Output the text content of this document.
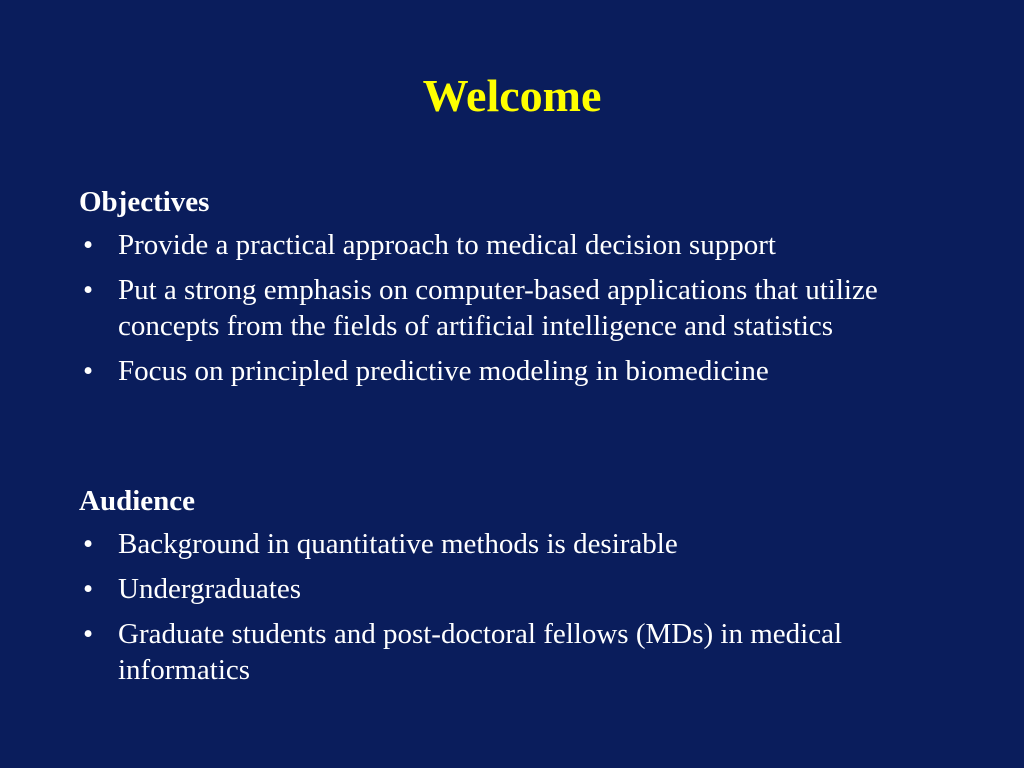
Welcome

Objectives

• Provide a practical approach to medical decision support
• Put a strong emphasis on computer-based applications that utilize concepts from the fields of artificial intelligence and statistics
• Focus on principled predictive modeling in biomedicine

Audience

• Background in quantitative methods is desirable
• Undergraduates
• Graduate students and post-doctoral fellows (MDs) in medical informatics
